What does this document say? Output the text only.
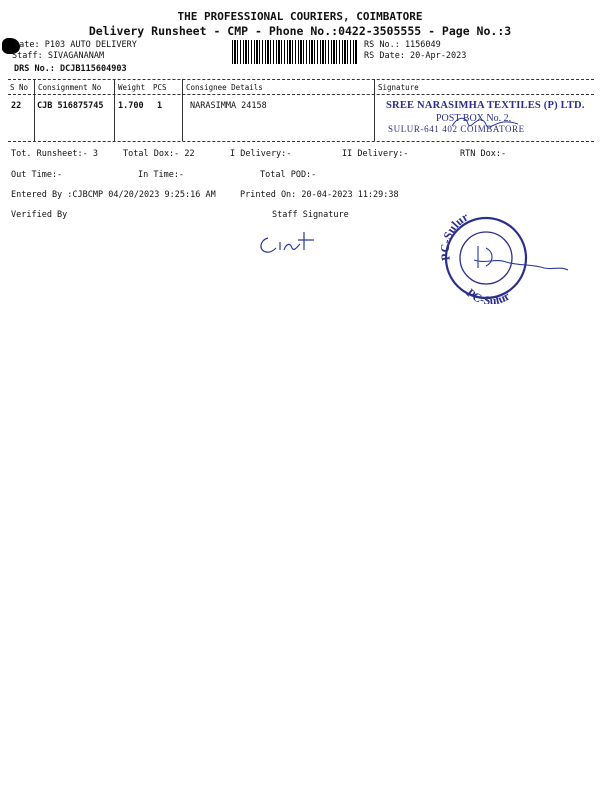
THE PROFESSIONAL COURIERS, COIMBATORE
Delivery Runsheet - CMP - Phone No.:0422-3505555 - Page No.:3
tate: P103 AUTO DELIVERY
Staff: SIVAGANANAM
DRS No.: DCJB115604903
RS No.: 1156049
RS Date: 20-Apr-2023
S No Consignment No Weight PCS	Consignee Details	Signature
22 CJB 516875745 1.700 1	NARASIMMA 24158	SREE NARASIMHA TEXTILES (P) LTD.
POST BOX No. 2,
SULUR-641 402 COIMBATORE
Tot. Runsheet:- 3	Total Dox:- 22	I Delivery:-	II Delivery:-	RTN Dox:-
Out Time:-	In Time:-	Total POD:-
Entered By :CJBCMP 04/20/2023 9:25:16 AM	Printed On: 20-04-2023 11:29:38
Verified By	Staff Signature
PC-Sulur
PC-Sulur
